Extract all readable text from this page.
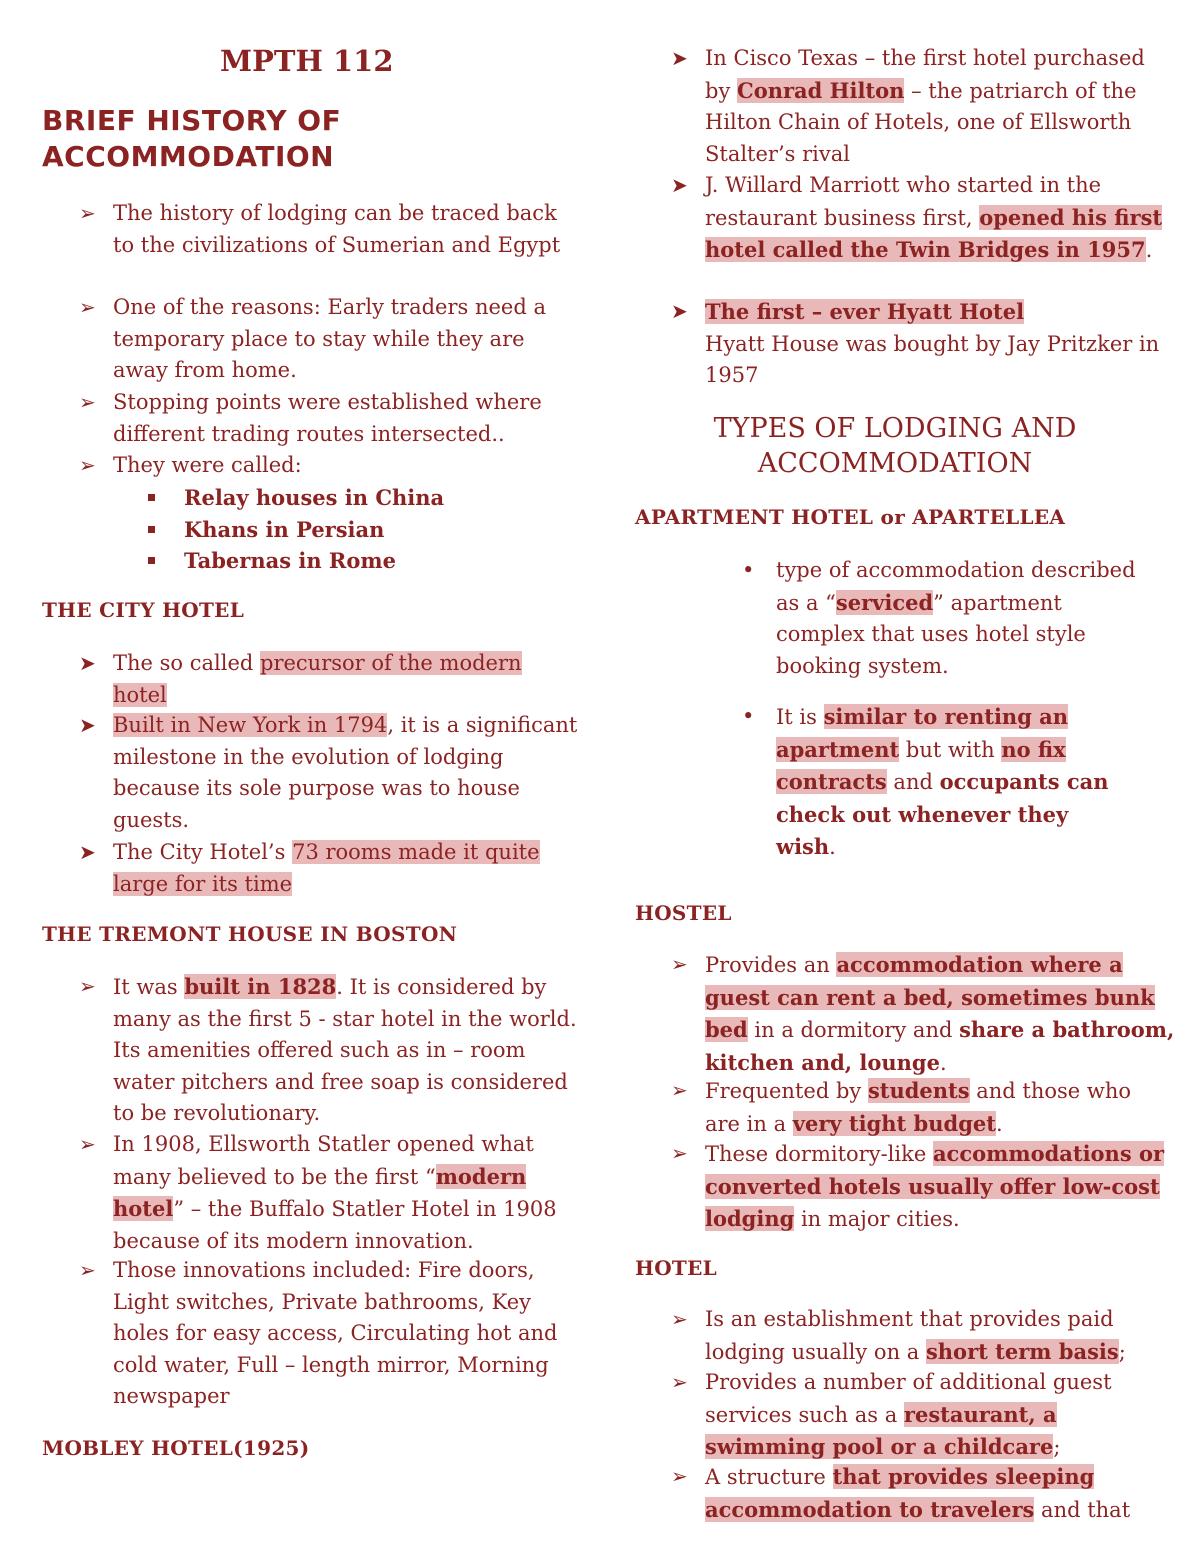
MPTH 112
BRIEF HISTORY OF
ACCOMMODATION

➢ The history of lodging can be traced back to the civilizations of Sumerian and Egypt

➢ One of the reasons: Early traders need a temporary place to stay while they are away from home.

➢ Stopping points were established where different trading routes intersected..

➢ They were called:

Relay houses in China

Khans in Persian

Tabernas in Rome

THE CITY HOTEL

➤ The so called precursor of the modern hotel

➤ Built in New York in 1794, it is a significant milestone in the evolution of lodging because its sole purpose was to house guests.

➤ The City Hotel’s 73 rooms made it quite large for its time

THE TREMONT HOUSE IN BOSTON

➢ It was built in 1828. It is considered by many as the first 5 - star hotel in the world. Its amenities offered such as in – room water pitchers and free soap is considered to be revolutionary.

➢ In 1908, Ellsworth Statler opened what many believed to be the first “modern hotel” – the Buffalo Statler Hotel in 1908 because of its modern innovation.

➢ Those innovations included: Fire doors, Light switches, Private bathrooms, Key holes for easy access, Circulating hot and cold water, Full – length mirror, Morning newspaper

MOBLEY HOTEL(1925)

➤ In Cisco Texas – the first hotel purchased by Conrad Hilton – the patriarch of the Hilton Chain of Hotels, one of Ellsworth Stalter’s rival

➤ J. Willard Marriott who started in the restaurant business first, opened his first hotel called the Twin Bridges in 1957.

➤ The first – ever Hyatt Hotel
Hyatt House was bought by Jay Pritzker in 1957

TYPES OF LODGING AND
ACCOMMODATION
APARTMENT HOTEL or APARTELLEA

• type of accommodation described as a “serviced” apartment complex that uses hotel style booking system.

• It is similar to renting an apartment but with no fix contracts and occupants can check out whenever they wish.

HOSTEL

➢ Provides an accommodation where a guest can rent a bed, sometimes bunk bed in a dormitory and share a bathroom, kitchen and, lounge.

➢ Frequented by students and those who are in a very tight budget.

➢ These dormitory-like accommodations or converted hotels usually offer low-cost lodging in major cities.

HOTEL

➢ Is an establishment that provides paid lodging usually on a short term basis;

➢ Provides a number of additional guest services such as a restaurant, a swimming pool or a childcare;

➢ A structure that provides sleeping accommodation to travelers and that
